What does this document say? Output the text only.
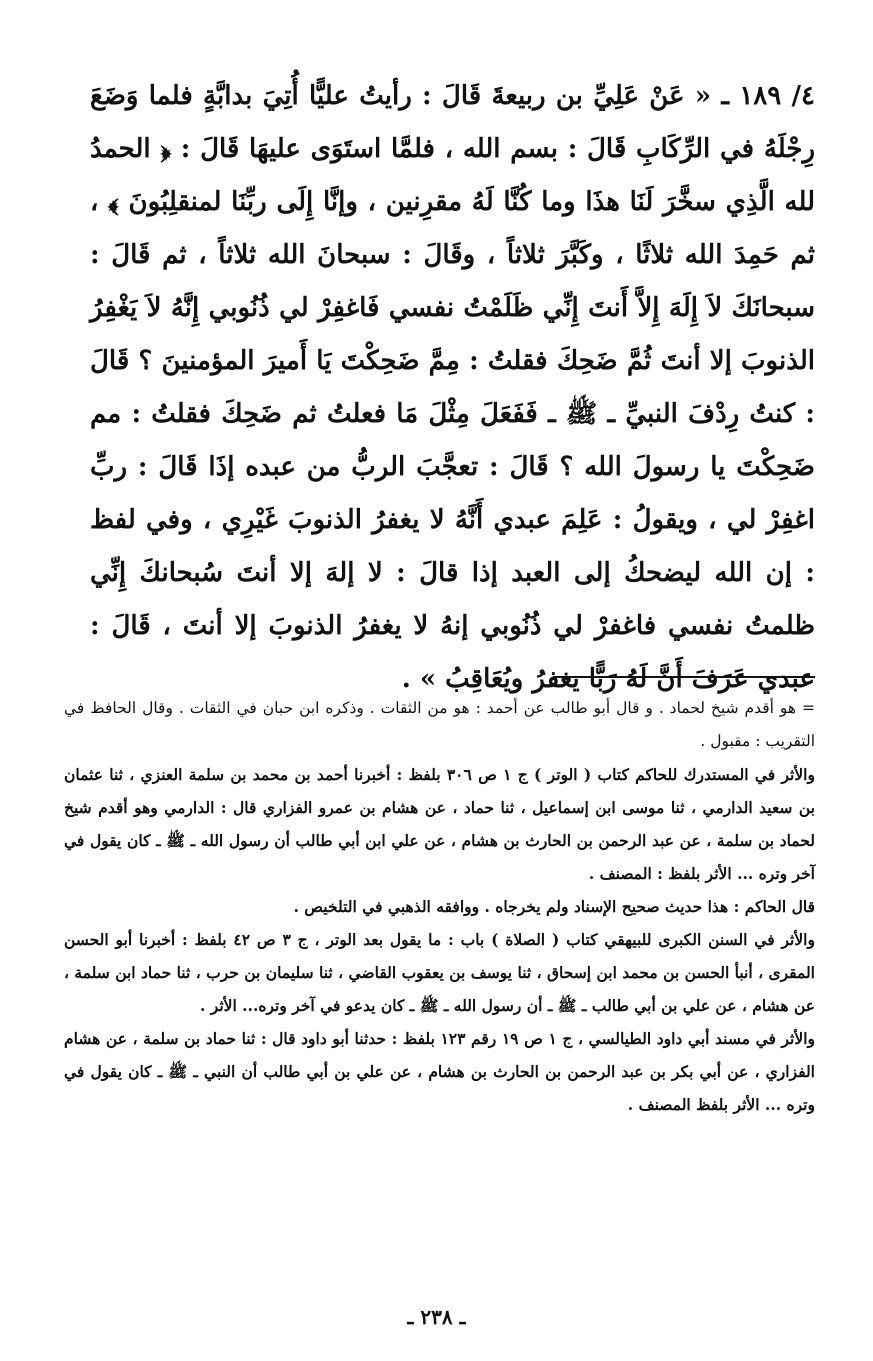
٤/ ١٨٩ ـ « عَنْ عَلِيِّ بن ربيعةَ قَالَ : رأيتُ عليًّا أُتِيَ بدابَّةٍ فلما وَضَعَ رِجْلَهُ في الرِّكَابِ قَالَ : بسم الله ، فلمَّا استَوَى عليهَا قَالَ : ﴿ الحمدُ لله الَّذِي سخَّرَ لَنَا هذَا وما كُنَّا لَهُ مقرِنين ، وإنَّا إِلَى ربِّنَا لمنقلِبُونَ ﴾ ، ثم حَمِدَ الله ثلاثًا ، وكَبَّرَ ثلاثاً ، وقَالَ : سبحانَ الله ثلاثاً ، ثم قَالَ : سبحانَكَ لاَ إِلَهَ إِلاَّ أَنتَ إِنِّي ظَلَمْتُ نفسي فَاغفِرْ لي ذُنُوبي إِنَّهُ لاَ يَغْفِرُ الذنوبَ إلا أنتَ ثُمَّ ضَحِكَ فقلتُ : مِمَّ ضَحِكْتَ يَا أَميرَ المؤمنينَ ؟ قَالَ : كنتُ رِدْفَ النبيِّ ـ ﷺ ـ فَفَعَلَ مِثْلَ مَا فعلتُ ثم ضَحِكَ فقلتُ : مم ضَحِكْتَ يا رسولَ الله ؟ قَالَ : تعجَّبَ الربُّ من عبده إذَا قَالَ : ربِّ اغفِرْ لي ، ويقولُ : عَلِمَ عبدي أَنَّهُ لا يغفرُ الذنوبَ غَيْرِي ، وفي لفظ : إن الله ليضحكُ إلى العبد إذا قالَ : لا إلهَ إلا أنتَ سُبحانكَ إِنِّي ظلمتُ نفسي فاغفرْ لي ذُنُوبي إنهُ لا يغفرُ الذنوبَ إلا أنتَ ، قَالَ : عبدي عَرَفَ أَنَّ لَهُ رَبًّا يغفرُ ويُعَاقِبُ » .

= هو أقدم شيخ لحماد . و قال أبو طالب عن أحمد : هو من الثقات . وذكره ابن حبان في الثقات . وقال الحافظ في التقريب : مقبول .

والأثر في المستدرك للحاكم كتاب ( الوتر ) ج ١ ص ٣٠٦ بلفظ : أخبرنا أحمد بن محمد بن سلمة العنزي ، ثنا عثمان بن سعيد الدارمي ، ثنا موسى ابن إسماعيل ، ثنا حماد ، عن هشام بن عمرو الفزاري قال : الدارمي وهو أقدم شيخ لحماد بن سلمة ، عن عبد الرحمن بن الحارث بن هشام ، عن علي ابن أبي طالب أن رسول الله ـ ﷺ ـ كان يقول في آخر وتره ... الأثر بلفظ : المصنف .

قال الحاكم : هذا حديث صحيح الإسناد ولم يخرجاه . ووافقه الذهبي في التلخيص .

والأثر في السنن الكبرى للبيهقي كتاب ( الصلاة ) باب : ما يقول بعد الوتر ، ج ٣ ص ٤٢ بلفظ : أخبرنا أبو الحسن المقرى ، أنبأ الحسن بن محمد ابن إسحاق ، ثنا يوسف بن يعقوب القاضي ، ثنا سليمان بن حرب ، ثنا حماد ابن سلمة ، عن هشام ، عن علي بن أبي طالب ـ ﷺ ـ أن رسول الله ـ ﷺ ـ كان يدعو في آخر وتره... الأثر .

والأثر في مسند أبي داود الطيالسي ، ج ١ ص ١٩ رقم ١٢٣ بلفظ : حدثنا أبو داود قال : ثنا حماد بن سلمة ، عن هشام الفزاري ، عن أبي بكر بن عبد الرحمن بن الحارث بن هشام ، عن علي بن أبي طالب أن النبي ـ ﷺ ـ كان يقول في وتره ... الأثر بلفظ المصنف .

ـ ٢٣٨ ـ
